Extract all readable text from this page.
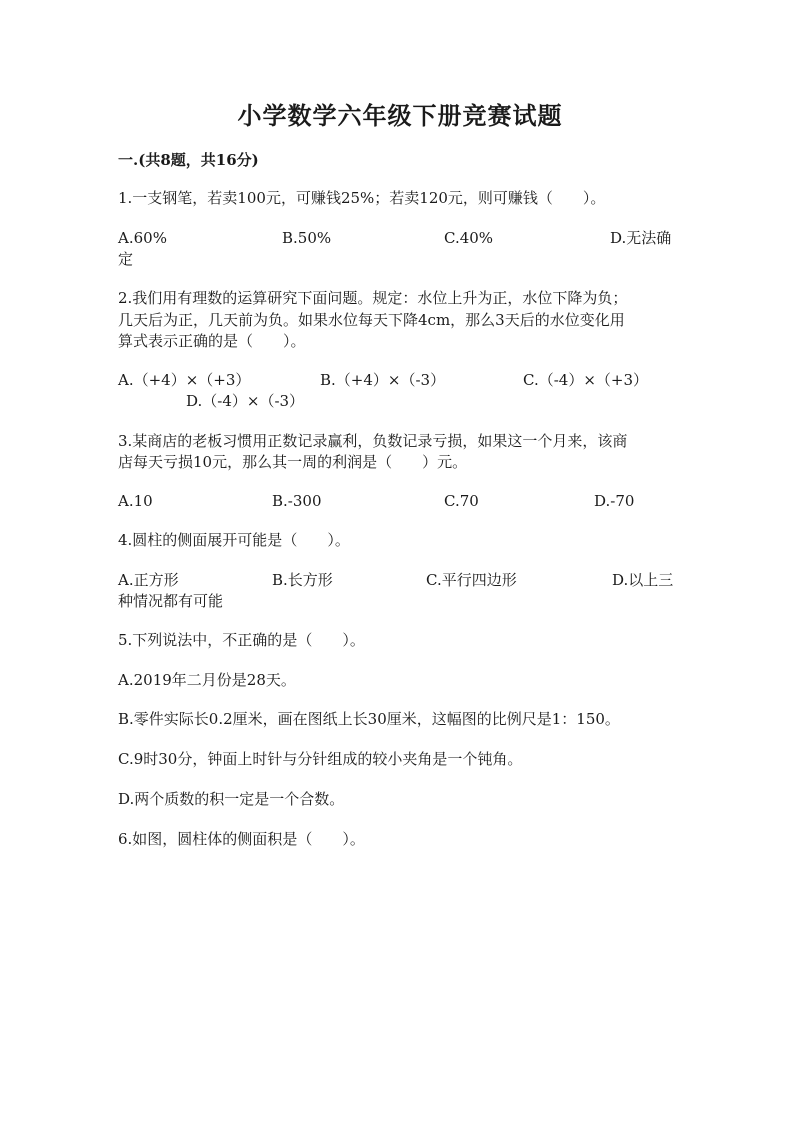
小学数学六年级下册竞赛试题
一.(共8题，共16分)
1.一支钢笔，若卖100元，可赚钱25%；若卖120元，则可赚钱（　　）。
A.60%	B.50%	C.40%	D.无法确
定
2.我们用有理数的运算研究下面问题。规定：水位上升为正，水位下降为负；
几天后为正，几天前为负。如果水位每天下降4cm，那么3天后的水位变化用
算式表示正确的是（　　）。
A.（+4）×（+3）	B.（+4）×（-3）	C.（-4）×（+3）
D.（-4）×（-3）
3.某商店的老板习惯用正数记录赢利，负数记录亏损，如果这一个月来，该商
店每天亏损10元，那么其一周的利润是（　　）元。
A.10	B.-300	C.70	D.-70
4.圆柱的侧面展开可能是（　　）。
A.正方形	B.长方形	C.平行四边形	D.以上三
种情况都有可能
5.下列说法中，不正确的是（　　）。
A.2019年二月份是28天。
B.零件实际长0.2厘米，画在图纸上长30厘米，这幅图的比例尺是1：150。
C.9时30分，钟面上时针与分针组成的较小夹角是一个钝角。
D.两个质数的积一定是一个合数。
6.如图，圆柱体的侧面积是（　　）。
